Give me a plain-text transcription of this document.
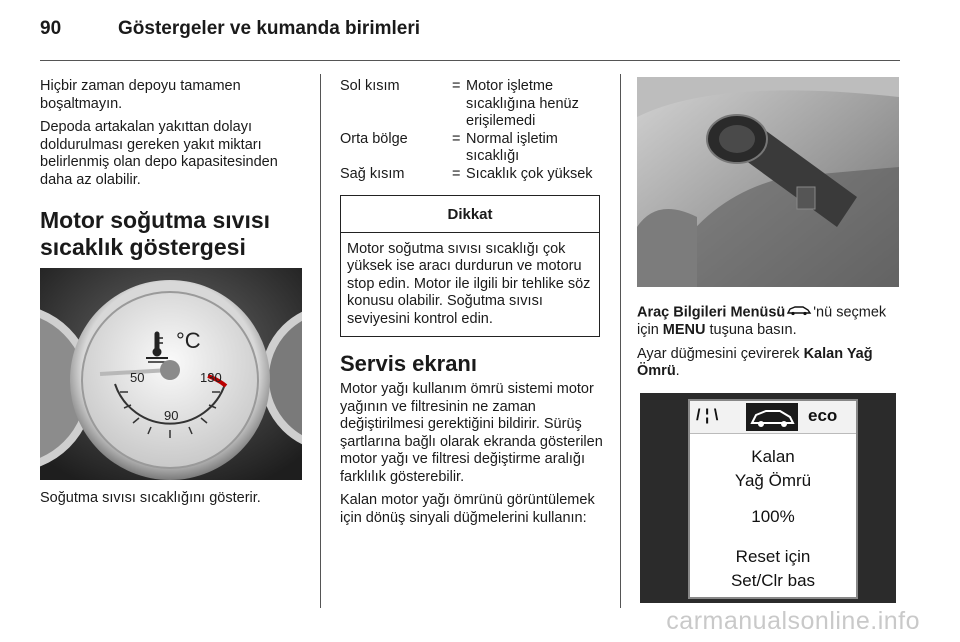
90	Göstergeler ve kumanda birimleri

Hiçbir zaman depoyu tamamen boşaltmayın.

Depoda artakalan yakıttan dolayı doldurulması gereken yakıt miktarı belirlenmiş olan depo kapasitesinden daha az olabilir.

Motor soğutma sıvısı sıcaklık göstergesi
°C
50
90
130

Soğutma sıvısı sıcaklığını gösterir.

Sol kısım	=	Motor işletme sıcaklığına henüz erişilemedi
Orta bölge	=	Normal işletim sıcaklığı
Sağ kısım	=	Sıcaklık çok yüksek
Dikkat
Motor soğutma sıvısı sıcaklığı çok yüksek ise aracı durdurun ve motoru stop edin. Motor ile ilgili bir tehlike söz konusu olabilir. Soğutma sıvısı seviyesini kontrol edin.
Servis ekranı

Motor yağı kullanım ömrü sistemi motor yağının ve filtresinin ne zaman değiştirilmesi gerektiğini bildirir. Sürüş şartlarına bağlı olarak ekranda gösterilen motor yağı ve filtresi değiştirme aralığı farklılık gösterebilir.

Kalan motor yağı ömrünü görüntülemek için dönüş sinyali düğmelerini kullanın:

Araç Bilgileri Menüsü 'nü seçmek için MENU tuşuna basın.

Ayar düğmesini çevirerek Kalan Yağ Ömrü.

/ ¦ \	eco
Kalan
Yağ Ömrü
100%
Reset için
Set/Clr bas
carmanualsonline.info
